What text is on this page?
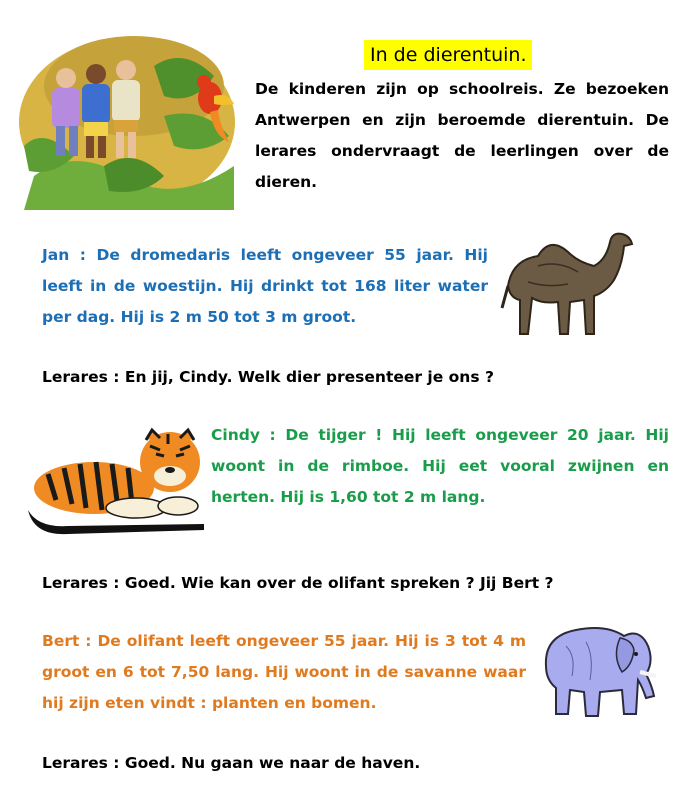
In de dierentuin.
De kinderen zijn op schoolreis. Ze bezoeken Antwerpen en zijn beroemde dierentuin. De lerares ondervraagt de leerlingen over de dieren.
Jan : De dromedaris leeft ongeveer 55 jaar. Hij leeft in de woestijn. Hij drinkt tot 168 liter water per dag. Hij is 2 m 50 tot 3 m groot.
Lerares : En jij, Cindy. Welk dier presenteer je ons ?
Cindy : De tijger ! Hij leeft ongeveer 20 jaar. Hij woont in de rimboe. Hij eet vooral zwijnen en herten. Hij is 1,60 tot 2 m lang.
Lerares : Goed. Wie kan over de olifant spreken ? Jij Bert ?
Bert : De olifant leeft ongeveer 55 jaar. Hij is 3 tot 4 m groot en 6 tot 7,50 lang. Hij woont in de savanne waar hij zijn eten vindt : planten en bomen.
Lerares : Goed. Nu gaan we naar de haven.
